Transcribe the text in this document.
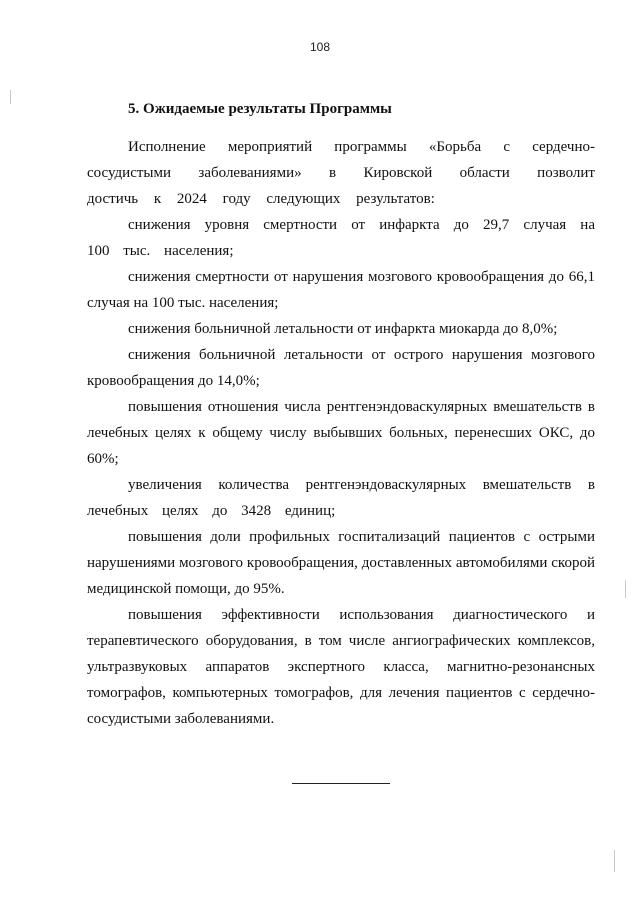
108
5. Ожидаемые результаты Программы

Исполнение мероприятий программы «Борьба с сердечно-сосудистыми заболеваниями» в Кировской области позволит достичь к 2024 году следующих результатов:

снижения уровня смертности от инфаркта до 29,7 случая на 100 тыс. населения;

снижения смертности от нарушения мозгового кровообращения до 66,1 случая на 100 тыс. населения;

снижения больничной летальности от инфаркта миокарда до 8,0%;

снижения больничной летальности от острого нарушения мозгового кровообращения до 14,0%;

повышения отношения числа рентгенэндоваскулярных вмешательств в лечебных целях к общему числу выбывших больных, перенесших ОКС, до 60%;

увеличения количества рентгенэндоваскулярных вмешательств в лечебных целях до 3428 единиц;

повышения доли профильных госпитализаций пациентов с острыми нарушениями мозгового кровообращения, доставленных автомобилями скорой медицинской помощи, до 95%.

повышения эффективности использования диагностического и терапевтического оборудования, в том числе ангиографических комплексов, ультразвуковых аппаратов экспертного класса, магнитно-резонансных томографов, компьютерных томографов, для лечения пациентов с сердечно-сосудистыми заболеваниями.
